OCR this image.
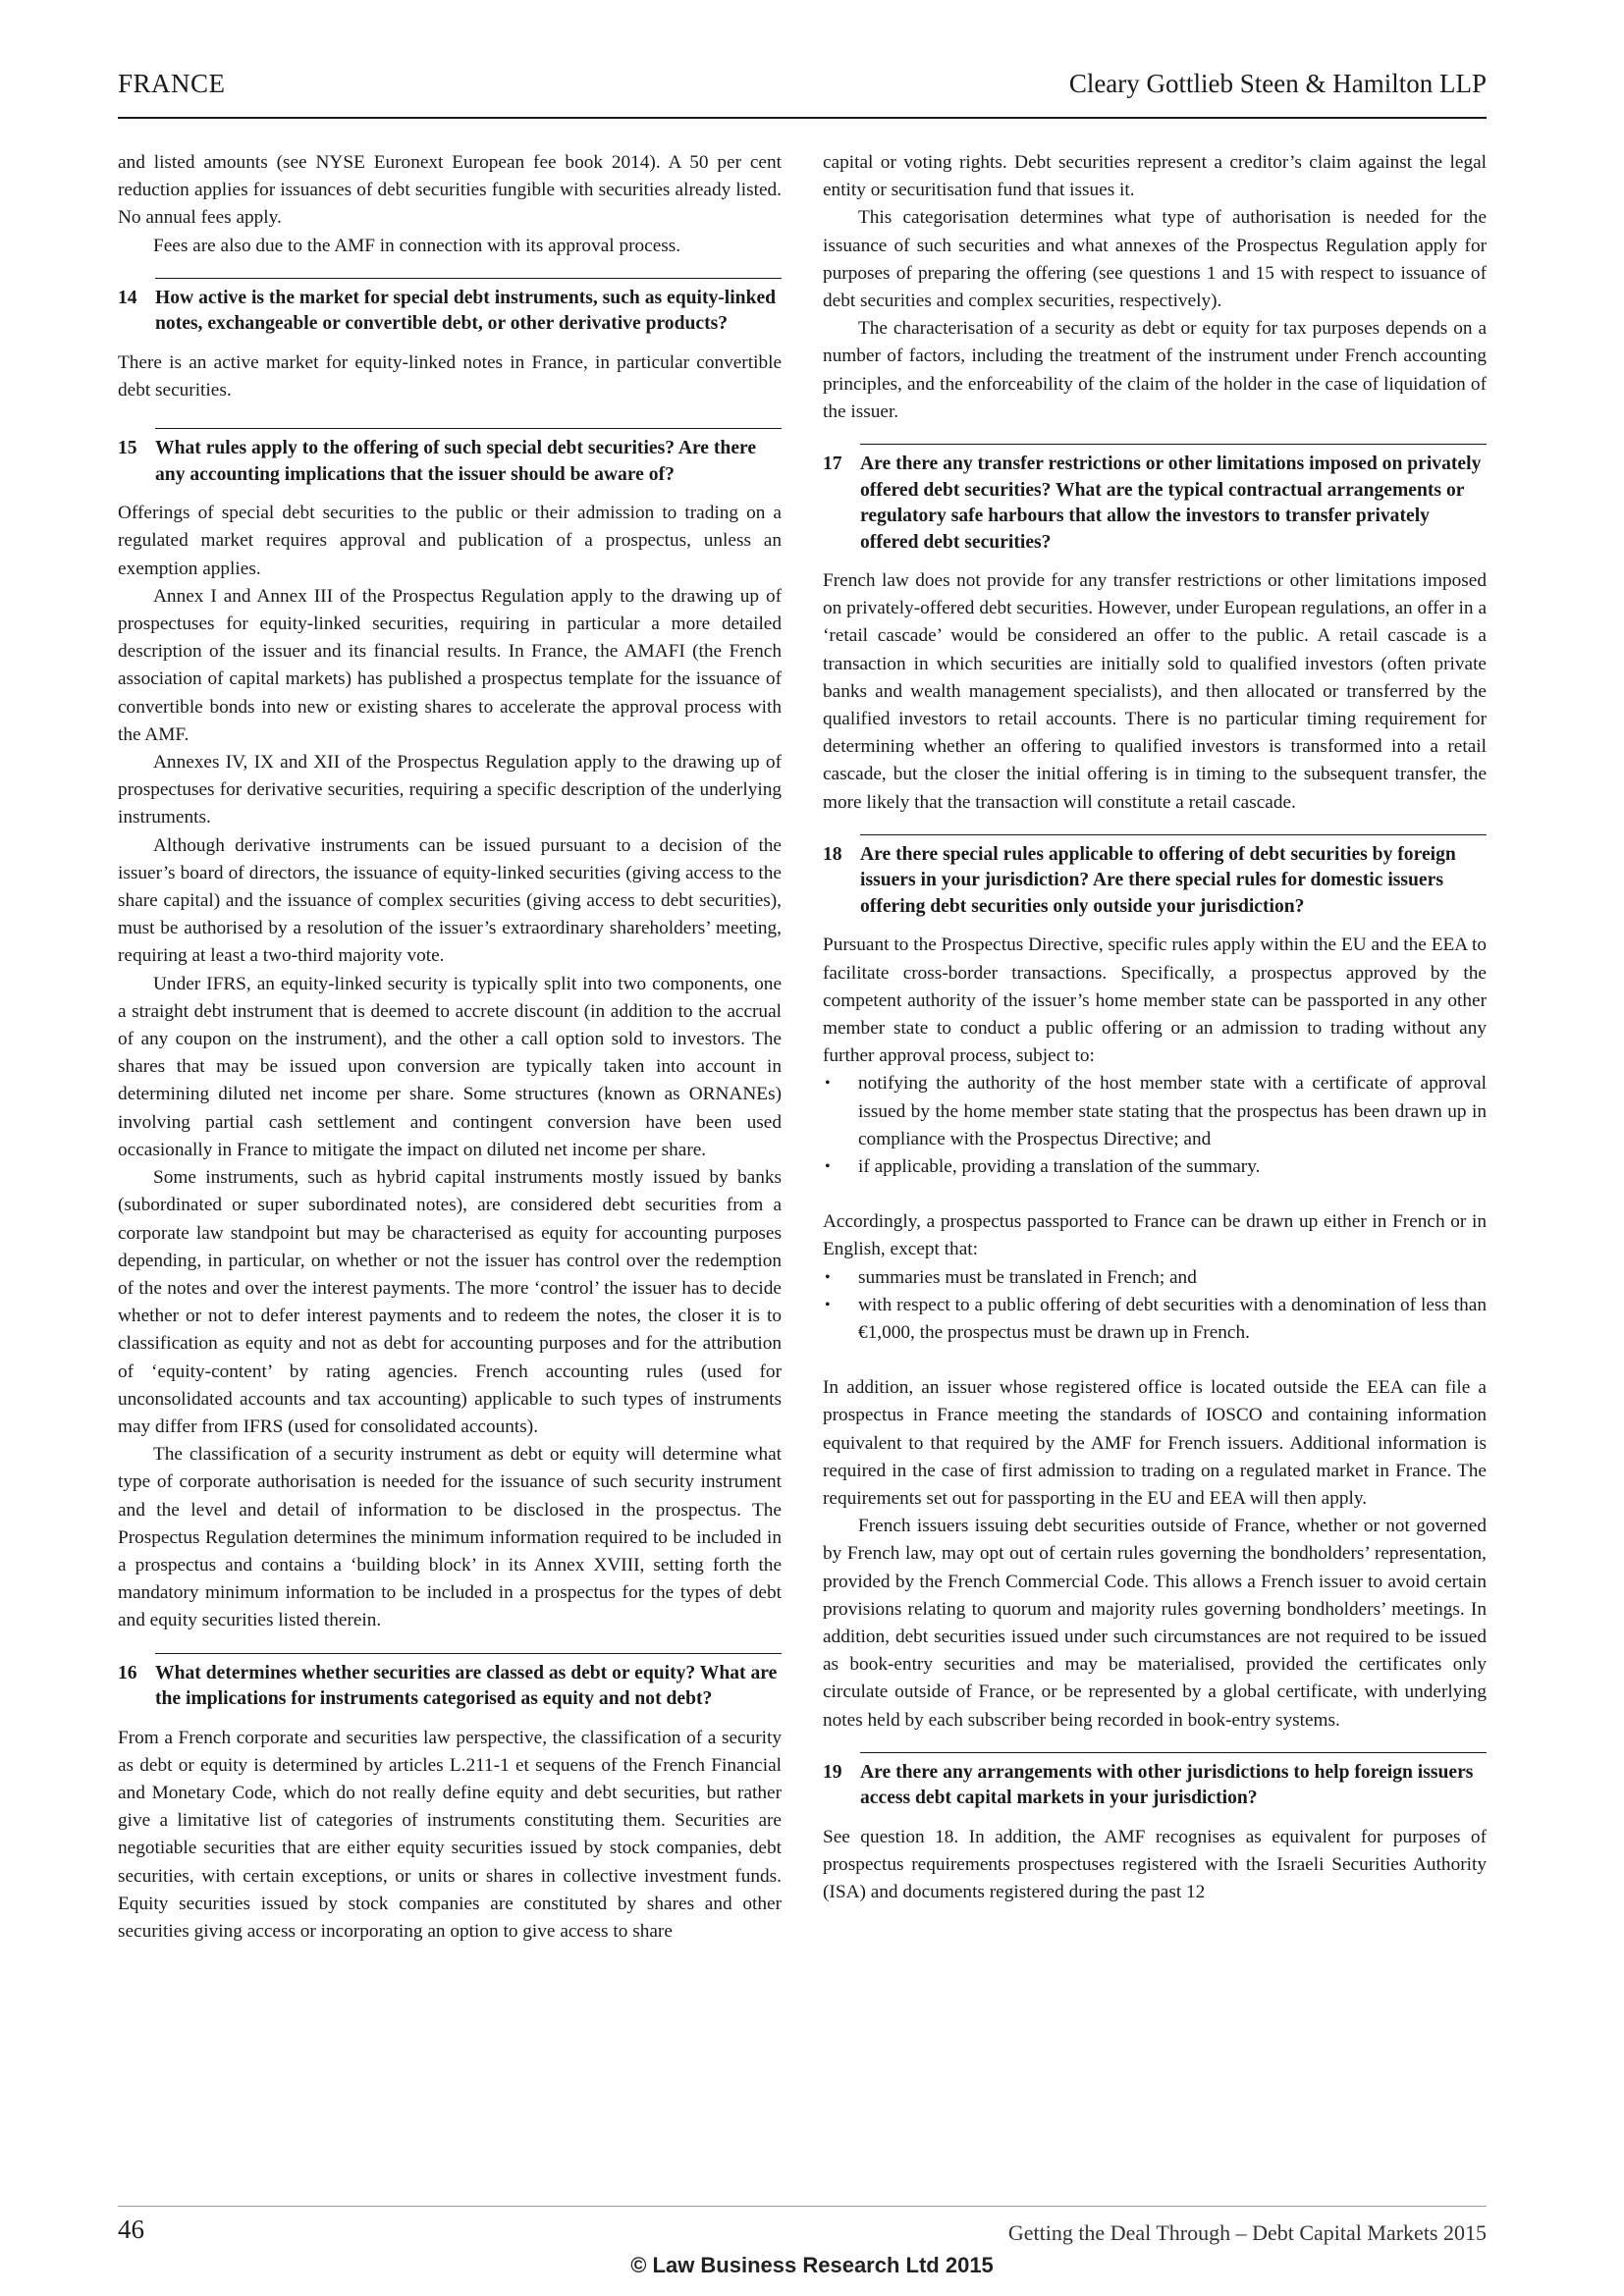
FRANCE	Cleary Gottlieb Steen & Hamilton LLP

and listed amounts (see NYSE Euronext European fee book 2014). A 50 per cent reduction applies for issuances of debt securities fungible with securities already listed. No annual fees apply.

Fees are also due to the AMF in connection with its approval process.

14 How active is the market for special debt instruments, such as equity-linked notes, exchangeable or convertible debt, or other derivative products?

There is an active market for equity-linked notes in France, in particular convertible debt securities.

15 What rules apply to the offering of such special debt securities? Are there any accounting implications that the issuer should be aware of?

Offerings of special debt securities to the public or their admission to trading on a regulated market requires approval and publication of a prospectus, unless an exemption applies.

Annex I and Annex III of the Prospectus Regulation apply to the drawing up of prospectuses for equity-linked securities, requiring in particular a more detailed description of the issuer and its financial results. In France, the AMAFI (the French association of capital markets) has published a prospectus template for the issuance of convertible bonds into new or existing shares to accelerate the approval process with the AMF.

Annexes IV, IX and XII of the Prospectus Regulation apply to the drawing up of prospectuses for derivative securities, requiring a specific description of the underlying instruments.

Although derivative instruments can be issued pursuant to a decision of the issuer’s board of directors, the issuance of equity-linked securities (giving access to the share capital) and the issuance of complex securities (giving access to debt securities), must be authorised by a resolution of the issuer’s extraordinary shareholders’ meeting, requiring at least a two-third majority vote.

Under IFRS, an equity-linked security is typically split into two components, one a straight debt instrument that is deemed to accrete discount (in addition to the accrual of any coupon on the instrument), and the other a call option sold to investors. The shares that may be issued upon conversion are typically taken into account in determining diluted net income per share. Some structures (known as ORNANEs) involving partial cash settlement and contingent conversion have been used occasionally in France to mitigate the impact on diluted net income per share.

Some instruments, such as hybrid capital instruments mostly issued by banks (subordinated or super subordinated notes), are considered debt securities from a corporate law standpoint but may be characterised as equity for accounting purposes depending, in particular, on whether or not the issuer has control over the redemption of the notes and over the interest payments. The more ‘control’ the issuer has to decide whether or not to defer interest payments and to redeem the notes, the closer it is to classification as equity and not as debt for accounting purposes and for the attribution of ‘equity-content’ by rating agencies. French accounting rules (used for unconsolidated accounts and tax accounting) applicable to such types of instruments may differ from IFRS (used for consolidated accounts).

The classification of a security instrument as debt or equity will determine what type of corporate authorisation is needed for the issuance of such security instrument and the level and detail of information to be disclosed in the prospectus. The Prospectus Regulation determines the minimum information required to be included in a prospectus and contains a ‘building block’ in its Annex XVIII, setting forth the mandatory minimum information to be included in a prospectus for the types of debt and equity securities listed therein.

16 What determines whether securities are classed as debt or equity? What are the implications for instruments categorised as equity and not debt?

From a French corporate and securities law perspective, the classification of a security as debt or equity is determined by articles L.211-1 et sequens of the French Financial and Monetary Code, which do not really define equity and debt securities, but rather give a limitative list of categories of instruments constituting them. Securities are negotiable securities that are either equity securities issued by stock companies, debt securities, with certain exceptions, or units or shares in collective investment funds. Equity securities issued by stock companies are constituted by shares and other securities giving access or incorporating an option to give access to share

capital or voting rights. Debt securities represent a creditor’s claim against the legal entity or securitisation fund that issues it.

This categorisation determines what type of authorisation is needed for the issuance of such securities and what annexes of the Prospectus Regulation apply for purposes of preparing the offering (see questions 1 and 15 with respect to issuance of debt securities and complex securities, respectively).

The characterisation of a security as debt or equity for tax purposes depends on a number of factors, including the treatment of the instrument under French accounting principles, and the enforceability of the claim of the holder in the case of liquidation of the issuer.

17 Are there any transfer restrictions or other limitations imposed on privately offered debt securities? What are the typical contractual arrangements or regulatory safe harbours that allow the investors to transfer privately offered debt securities?

French law does not provide for any transfer restrictions or other limitations imposed on privately-offered debt securities. However, under European regulations, an offer in a ‘retail cascade’ would be considered an offer to the public. A retail cascade is a transaction in which securities are initially sold to qualified investors (often private banks and wealth management specialists), and then allocated or transferred by the qualified investors to retail accounts. There is no particular timing requirement for determining whether an offering to qualified investors is transformed into a retail cascade, but the closer the initial offering is in timing to the subsequent transfer, the more likely that the transaction will constitute a retail cascade.

18 Are there special rules applicable to offering of debt securities by foreign issuers in your jurisdiction? Are there special rules for domestic issuers offering debt securities only outside your jurisdiction?

Pursuant to the Prospectus Directive, specific rules apply within the EU and the EEA to facilitate cross-border transactions. Specifically, a prospectus approved by the competent authority of the issuer’s home member state can be passported in any other member state to conduct a public offering or an admission to trading without any further approval process, subject to:

• notifying the authority of the host member state with a certificate of approval issued by the home member state stating that the prospectus has been drawn up in compliance with the Prospectus Directive; and
• if applicable, providing a translation of the summary.

Accordingly, a prospectus passported to France can be drawn up either in French or in English, except that:

• summaries must be translated in French; and
• with respect to a public offering of debt securities with a denomination of less than €1,000, the prospectus must be drawn up in French.

In addition, an issuer whose registered office is located outside the EEA can file a prospectus in France meeting the standards of IOSCO and containing information equivalent to that required by the AMF for French issuers. Additional information is required in the case of first admission to trading on a regulated market in France. The requirements set out for passporting in the EU and EEA will then apply.

French issuers issuing debt securities outside of France, whether or not governed by French law, may opt out of certain rules governing the bondholders’ representation, provided by the French Commercial Code. This allows a French issuer to avoid certain provisions relating to quorum and majority rules governing bondholders’ meetings. In addition, debt securities issued under such circumstances are not required to be issued as book-entry securities and may be materialised, provided the certificates only circulate outside of France, or be represented by a global certificate, with underlying notes held by each subscriber being recorded in book-entry systems.

19 Are there any arrangements with other jurisdictions to help foreign issuers access debt capital markets in your jurisdiction?

See question 18. In addition, the AMF recognises as equivalent for purposes of prospectus requirements prospectuses registered with the Israeli Securities Authority (ISA) and documents registered during the past 12

46	Getting the Deal Through – Debt Capital Markets 2015
© Law Business Research Ltd 2015
